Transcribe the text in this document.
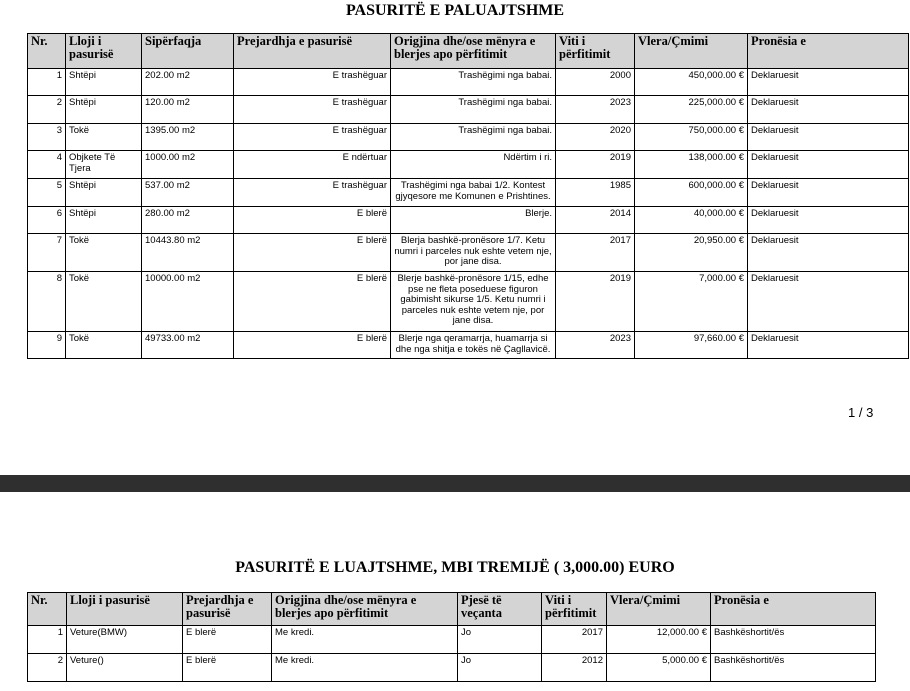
PASURITË E PALUAJTSHME
Nr.	Lloji i pasurisë	Sipërfaqja	Prejardhja e pasurisë	Origjina dhe/ose mënyra e blerjes apo përfitimit	Viti i përfitimit	Vlera/Çmimi	Pronësia e
1	Shtëpi	202.00 m2	E trashëguar	Trashëgimi nga babai.	2000	450,000.00 €	Deklaruesit
2	Shtëpi	120.00 m2	E trashëguar	Trashëgimi nga babai.	2023	225,000.00 €	Deklaruesit
3	Tokë	1395.00 m2	E trashëguar	Trashëgimi nga babai.	2020	750,000.00 €	Deklaruesit
4	Objkete Të Tjera	1000.00 m2	E ndërtuar	Ndërtim i ri.	2019	138,000.00 €	Deklaruesit
5	Shtëpi	537.00 m2	E trashëguar	Trashëgimi nga babai 1/2. Kontest gjyqesore me Komunen e Prishtines.	1985	600,000.00 €	Deklaruesit
6	Shtëpi	280.00 m2	E blerë	Blerje.	2014	40,000.00 €	Deklaruesit
7	Tokë	10443.80 m2	E blerë	Blerja bashkë-pronësore 1/7. Ketu numri i parceles nuk eshte vetem nje, por jane disa.	2017	20,950.00 €	Deklaruesit
8	Tokë	10000.00 m2	E blerë	Blerje bashkë-pronësore 1/15, edhe pse ne fleta poseduese figuron gabimisht sikurse 1/5. Ketu numri i parceles nuk eshte vetem nje, por jane disa.	2019	7,000.00 €	Deklaruesit
9	Tokë	49733.00 m2	E blerë	Blerje nga qeramarrja, huamarrja si dhe nga shitja e tokës në Çagllavicë.	2023	97,660.00 €	Deklaruesit
1 / 3
PASURITË E LUAJTSHME, MBI TREMIJË ( 3,000.00) EURO
Nr.	Lloji i pasurisë	Prejardhja e pasurisë	Origjina dhe/ose mënyra e blerjes apo përfitimit	Pjesë të veçanta	Viti i përfitimit	Vlera/Çmimi	Pronësia e
1	Veture(BMW)	E blerë	Me kredi.	Jo	2017	12,000.00 €	Bashkëshortit/ës
2	Veture()	E blerë	Me kredi.	Jo	2012	5,000.00 €	Bashkëshortit/ës
